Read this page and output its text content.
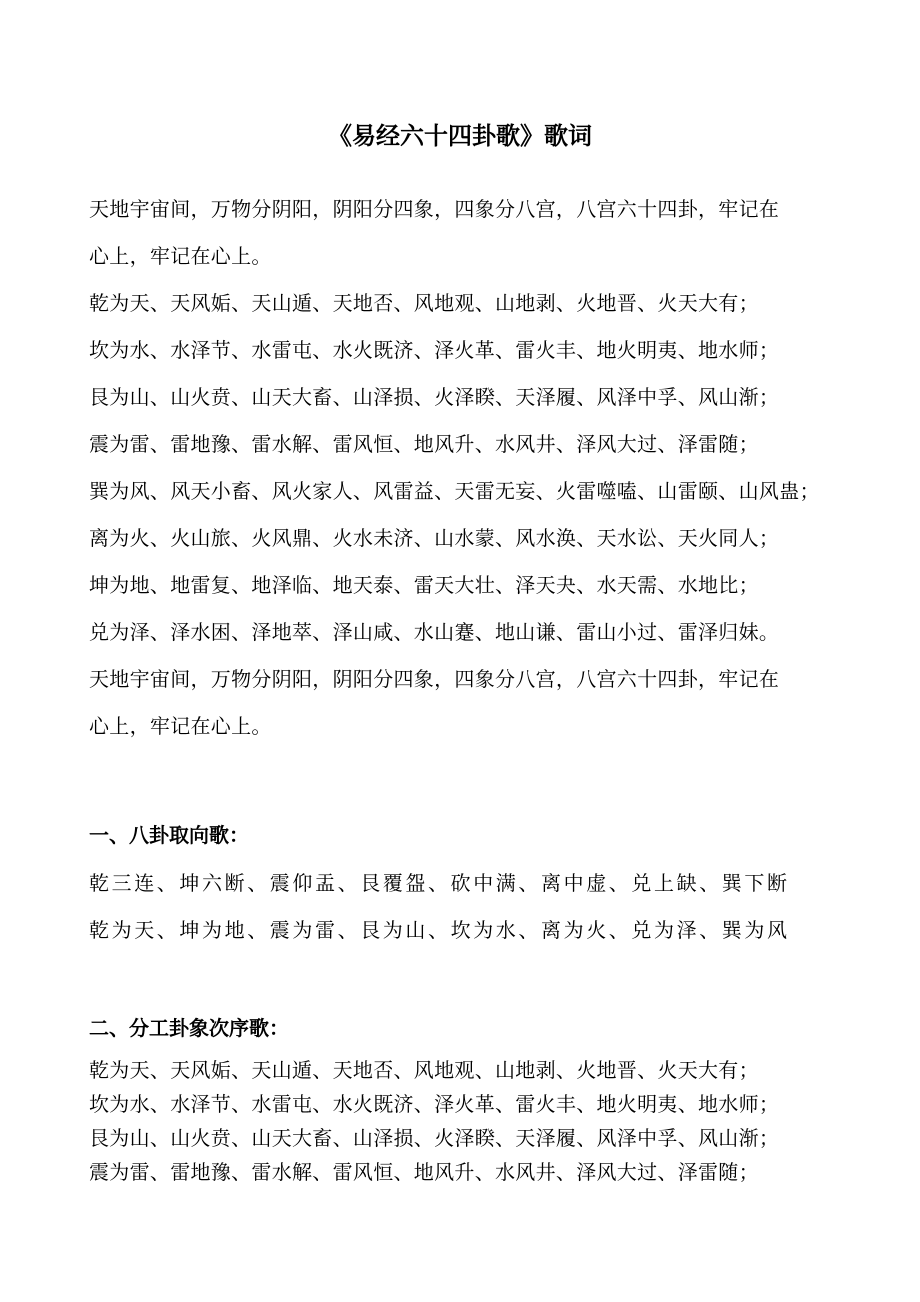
《易经六十四卦歌》歌词
天地宇宙间，万物分阴阳，阴阳分四象，四象分八宫，八宫六十四卦，牢记在
心上，牢记在心上。
乾为天、天风姤、天山遁、天地否、风地观、山地剥、火地晋、火天大有；
坎为水、水泽节、水雷屯、水火既济、泽火革、雷火丰、地火明夷、地水师；
艮为山、山火贲、山天大畜、山泽损、火泽睽、天泽履、风泽中孚、风山渐；
震为雷、雷地豫、雷水解、雷风恒、地风升、水风井、泽风大过、泽雷随；
巽为风、风天小畜、风火家人、风雷益、天雷无妄、火雷噬嗑、山雷颐、山风蛊；
离为火、火山旅、火风鼎、火水未济、山水蒙、风水涣、天水讼、天火同人；
坤为地、地雷复、地泽临、地天泰、雷天大壮、泽天夬、水天需、水地比；
兑为泽、泽水困、泽地萃、泽山咸、水山蹇、地山谦、雷山小过、雷泽归妹。
天地宇宙间，万物分阴阳，阴阳分四象，四象分八宫，八宫六十四卦，牢记在
心上，牢记在心上。
一、八卦取向歌：
乾三连、坤六断、震仰盂、艮覆盌、砍中满、离中虚、兑上缺、巽下断
乾为天、坤为地、震为雷、艮为山、坎为水、离为火、兑为泽、巽为风
二、分工卦象次序歌：
乾为天、天风姤、天山遁、天地否、风地观、山地剥、火地晋、火天大有；
坎为水、水泽节、水雷屯、水火既济、泽火革、雷火丰、地火明夷、地水师；
艮为山、山火贲、山天大畜、山泽损、火泽睽、天泽履、风泽中孚、风山渐；
震为雷、雷地豫、雷水解、雷风恒、地风升、水风井、泽风大过、泽雷随；
